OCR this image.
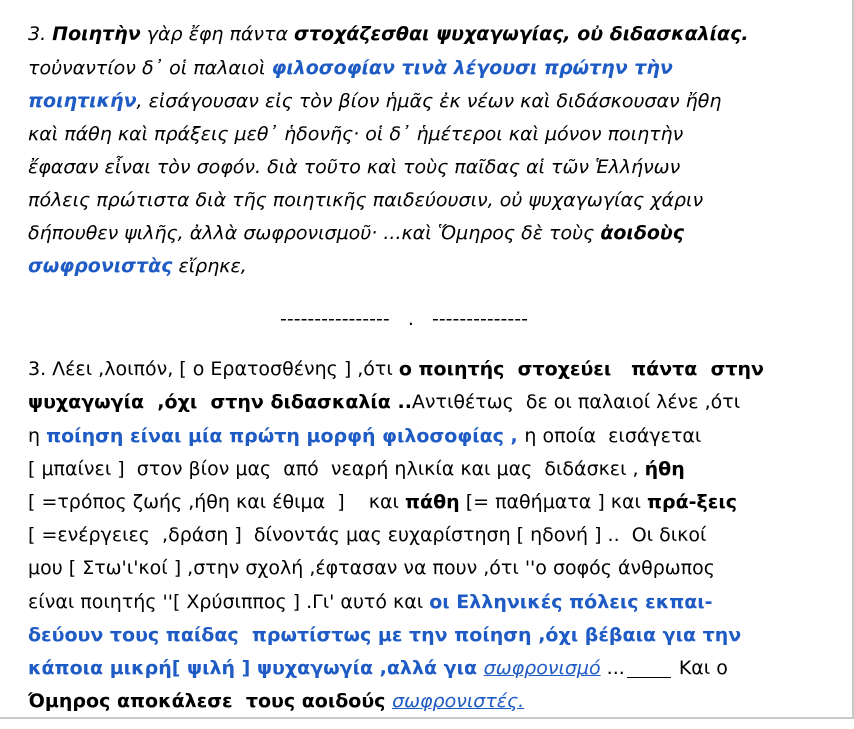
3. Ποιητὴν γὰρ ἔφη πάντα στοχάζεσθαι ψυχαγωγίας, οὐ διδασκαλίας.
τοὐναντίον δ᾽ οἱ παλαιοὶ φιλοσοφίαν τινὰ λέγουσι πρώτην τὴν
ποιητικήν, εἰσάγουσαν εἰς τὸν βίον ἡμᾶς ἐκ νέων καὶ διδάσκουσαν ἤθη
καὶ πάθη καὶ πράξεις μεθ᾽ ἡδονῆς· οἱ δ᾽ ἡμέτεροι καὶ μόνον ποιητὴν
ἔφασαν εἶναι τὸν σοφόν. διὰ τοῦτο καὶ τοὺς παῖδας αἱ τῶν Ἑλλήνων
πόλεις πρώτιστα διὰ τῆς ποιητικῆς παιδεύουσιν, οὐ ψυχαγωγίας χάριν
δήπουθεν ψιλῆς, ἀλλὰ σωφρονισμοῦ· ...καὶ Ὅμηρος δὲ τοὺς ἀοιδοὺς
σωφρονιστὰς εἴρηκε,
----------------   .   --------------
3. Λέει ,λοιπόν, [ ο Ερατοσθένης ] ,ότι ο ποιητής  στοχεύει   πάντα  στην
ψυχαγωγία  ,όχι  στην διδασκαλία ..Αντιθέτως  δε οι παλαιοί λένε ,ότι
η ποίηση είναι μία πρώτη μορφή φιλοσοφίας , η οποία  εισάγεται
[ μπαίνει ]  στον βίον μας  από  νεαρή ηλικία και μας  διδάσκει , ήθη
[ =τρόπος ζωής ,ήθη και έθιμα  ]    και πάθη [= παθήματα ] και πρά-ξεις
[ =ενέργειες  ,δράση ]  δίνοντάς μας ευχαρίστηση [ ηδονή ] ..  Οι δικοί
μου [ Στω'ι'κοί ] ,στην σχολή ,έφτασαν να πουν ,ότι ''ο σοφός άνθρωπος
είναι ποιητής ''[ Χρύσιππος ] .Γι' αυτό και οι Ελληνικές πόλεις εκπαι-
δεύουν τους παίδας  πρωτίστως με την ποίηση ,όχι βέβαια για την
κάποια μικρή[ ψιλή ] ψυχαγωγία ,αλλά για σωφρονισμό ...	Και ο
Όμηρος αποκάλεσε  τους αοιδούς σωφρονιστές.
